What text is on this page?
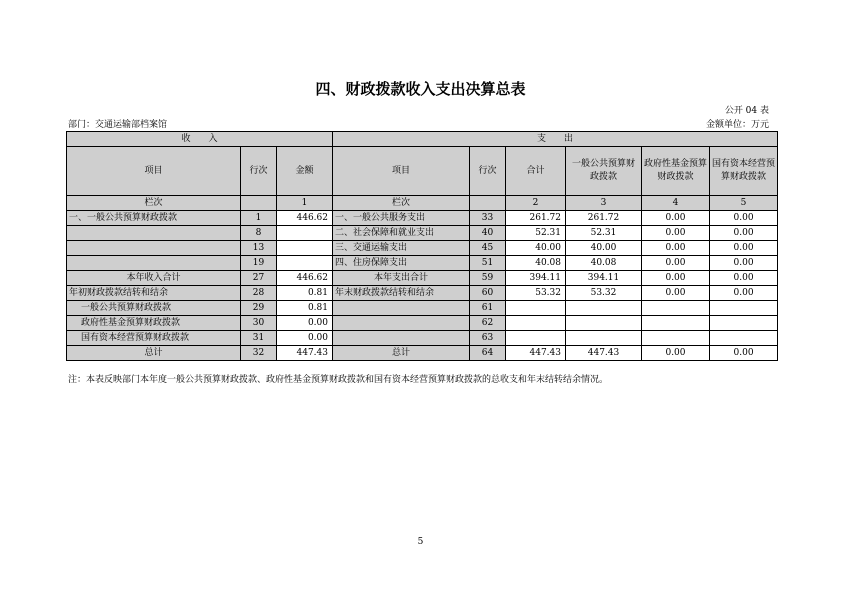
四、财政拨款收入支出决算总表
公开 04 表
部门：交通运输部档案馆	金额单位：万元
收　　入			支　　出					
项目	行次	金额	项目	行次	合计	一般公共预算财政拨款	政府性基金预算财政拨款	国有资本经营预算财政拨款
栏次		1	栏次		2	3	4	5
一、一般公共预算财政拨款	1	446.62	一、一般公共服务支出	33	261.72	261.72	0.00	0.00
	8		二、社会保障和就业支出	40	52.31	52.31	0.00	0.00
	13		三、交通运输支出	45	40.00	40.00	0.00	0.00
	19		四、住房保障支出	51	40.08	40.08	0.00	0.00
本年收入合计	27	446.62	本年支出合计	59	394.11	394.11	0.00	0.00
年初财政拨款结转和结余	28	0.81	年末财政拨款结转和结余	60	53.32	53.32	0.00	0.00
一般公共预算财政拨款	29	0.81		61				
政府性基金预算财政拨款	30	0.00		62				
国有资本经营预算财政拨款	31	0.00		63				
总计	32	447.43	总计	64	447.43	447.43	0.00	0.00
注：本表反映部门本年度一般公共预算财政拨款、政府性基金预算财政拨款和国有资本经营预算财政拨款的总收支和年末结转结余情况。
5
